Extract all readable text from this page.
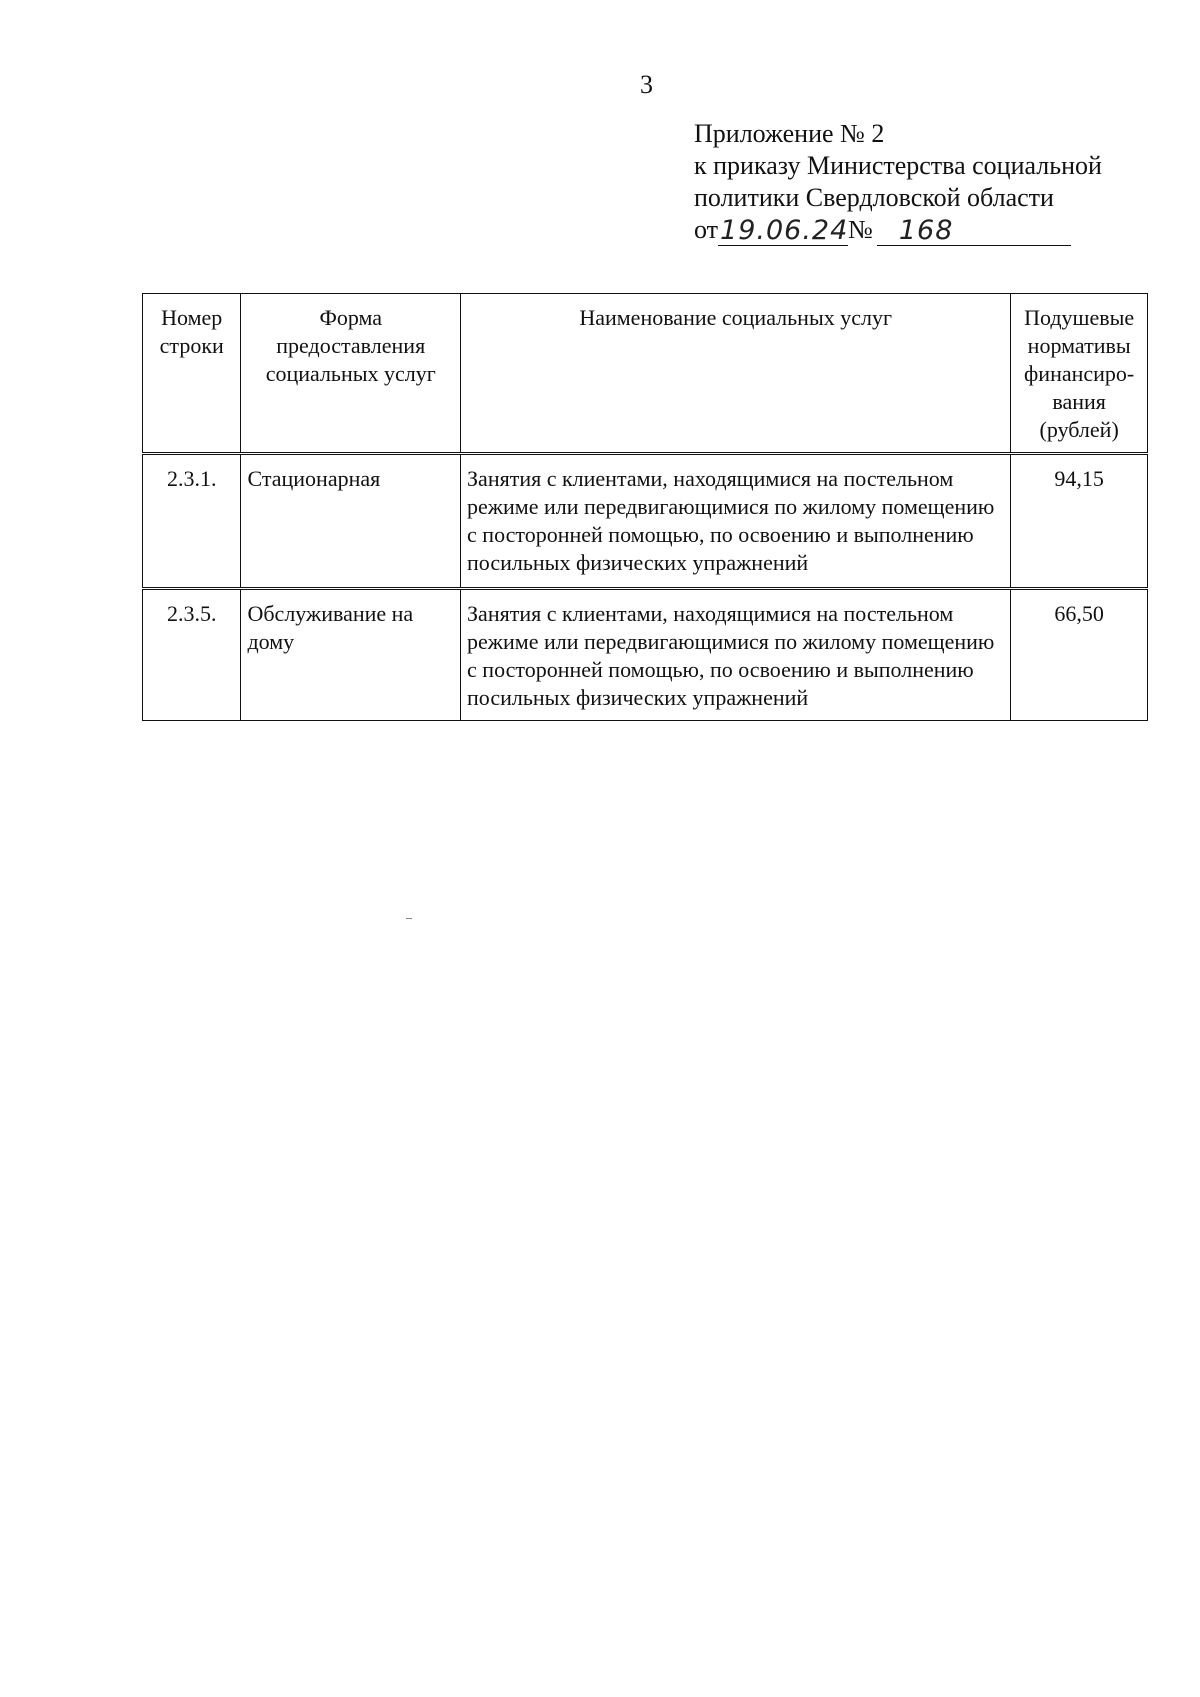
3
Приложение № 2
к приказу Министерства социальной
политики Свердловской области
от 19.06.24 № 168
Номер строки	Форма предоставления социальных услуг	Наименование социальных услуг	Подушевые нормативы финансиро-вания (рублей)
2.3.1.	Стационарная	Занятия с клиентами, находящимися на постельном режиме или передвигающимися по жилому помещению с посторонней помощью, по освоению и выполнению посильных физических упражнений	94,15
2.3.5.	Обслуживание на дому	Занятия с клиентами, находящимися на постельном режиме или передвигающимися по жилому помещению с посторонней помощью, по освоению и выполнению посильных физических упражнений	66,50
